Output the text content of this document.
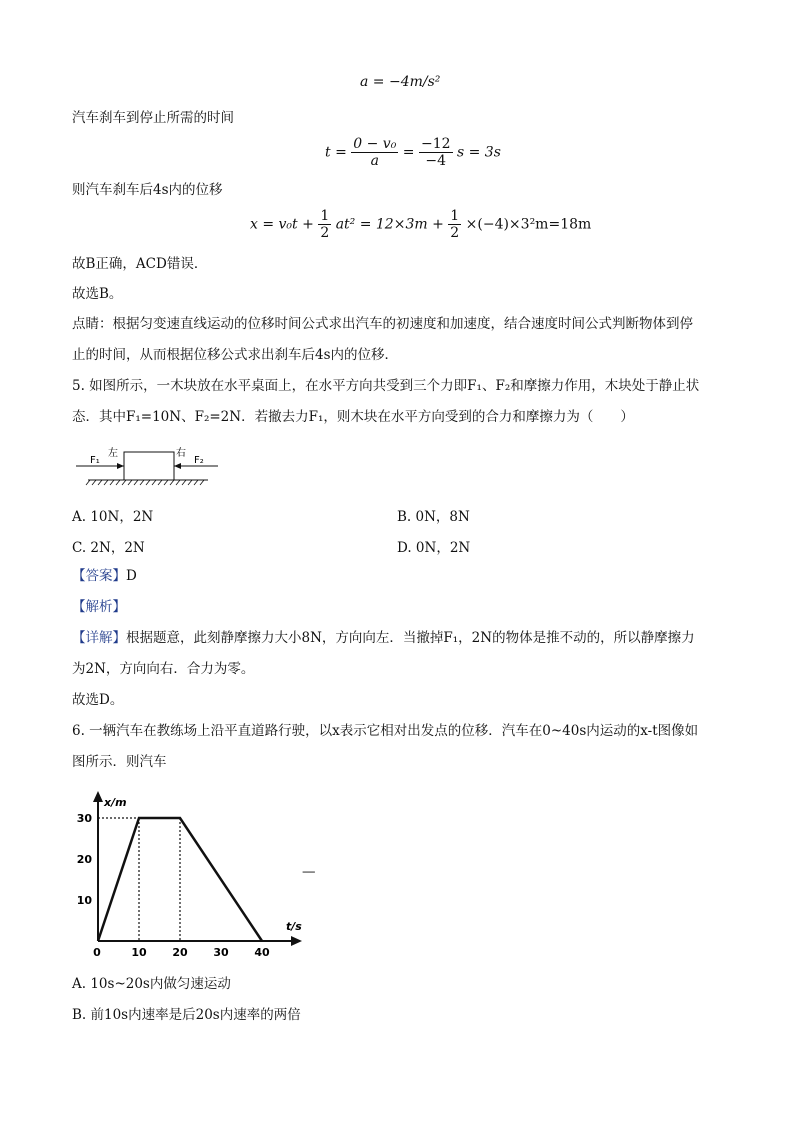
a = −4m/s²
汽车刹车到停止所需的时间
$t = \frac{\text{0 − v₀}}{a} = \frac{-12}{-4}$ s = 3s
则汽车刹车后4s内的位移
$x = v_0t + \frac{1}{2} at^2 = 12\times 3m + \frac{1}{2} \times(-4)\times 3^2m=18m$
故B正确，ACD错误．
故选B。
点睛：根据匀变速直线运动的位移时间公式求出汽车的初速度和加速度，结合速度时间公式判断物体到停
止的时间，从而根据位移公式求出刹车后4s内的位移．
5. 如图所示，一木块放在水平桌面上，在水平方向共受到三个力即F₁、F₂和摩擦力作用，木块处于静止状
态．其中F₁=10N、F₂=2N．若撤去力F₁，则木块在水平方向受到的合力和摩擦力为（　　）
F₁
左	右
F₂
A. 10N，2N	B. 0N，8N
C. 2N，2N	D. 0N，2N
【答案】D
【解析】
【详解】根据题意，此刻静摩擦力大小8N，方向向左．当撤掉F₁，2N的物体是推不动的，所以静摩擦力
为2N，方向向右．合力为零。
故选D。
6. 一辆汽车在教练场上沿平直道路行驶，以x表示它相对出发点的位移．汽车在0~40s内运动的x-t图像如
图所示．则汽车
x/m
t/s
10
20
30
0	10 20 30 40
—
A. 10s~20s内做匀速运动
B. 前10s内速率是后20s内速率的两倍
